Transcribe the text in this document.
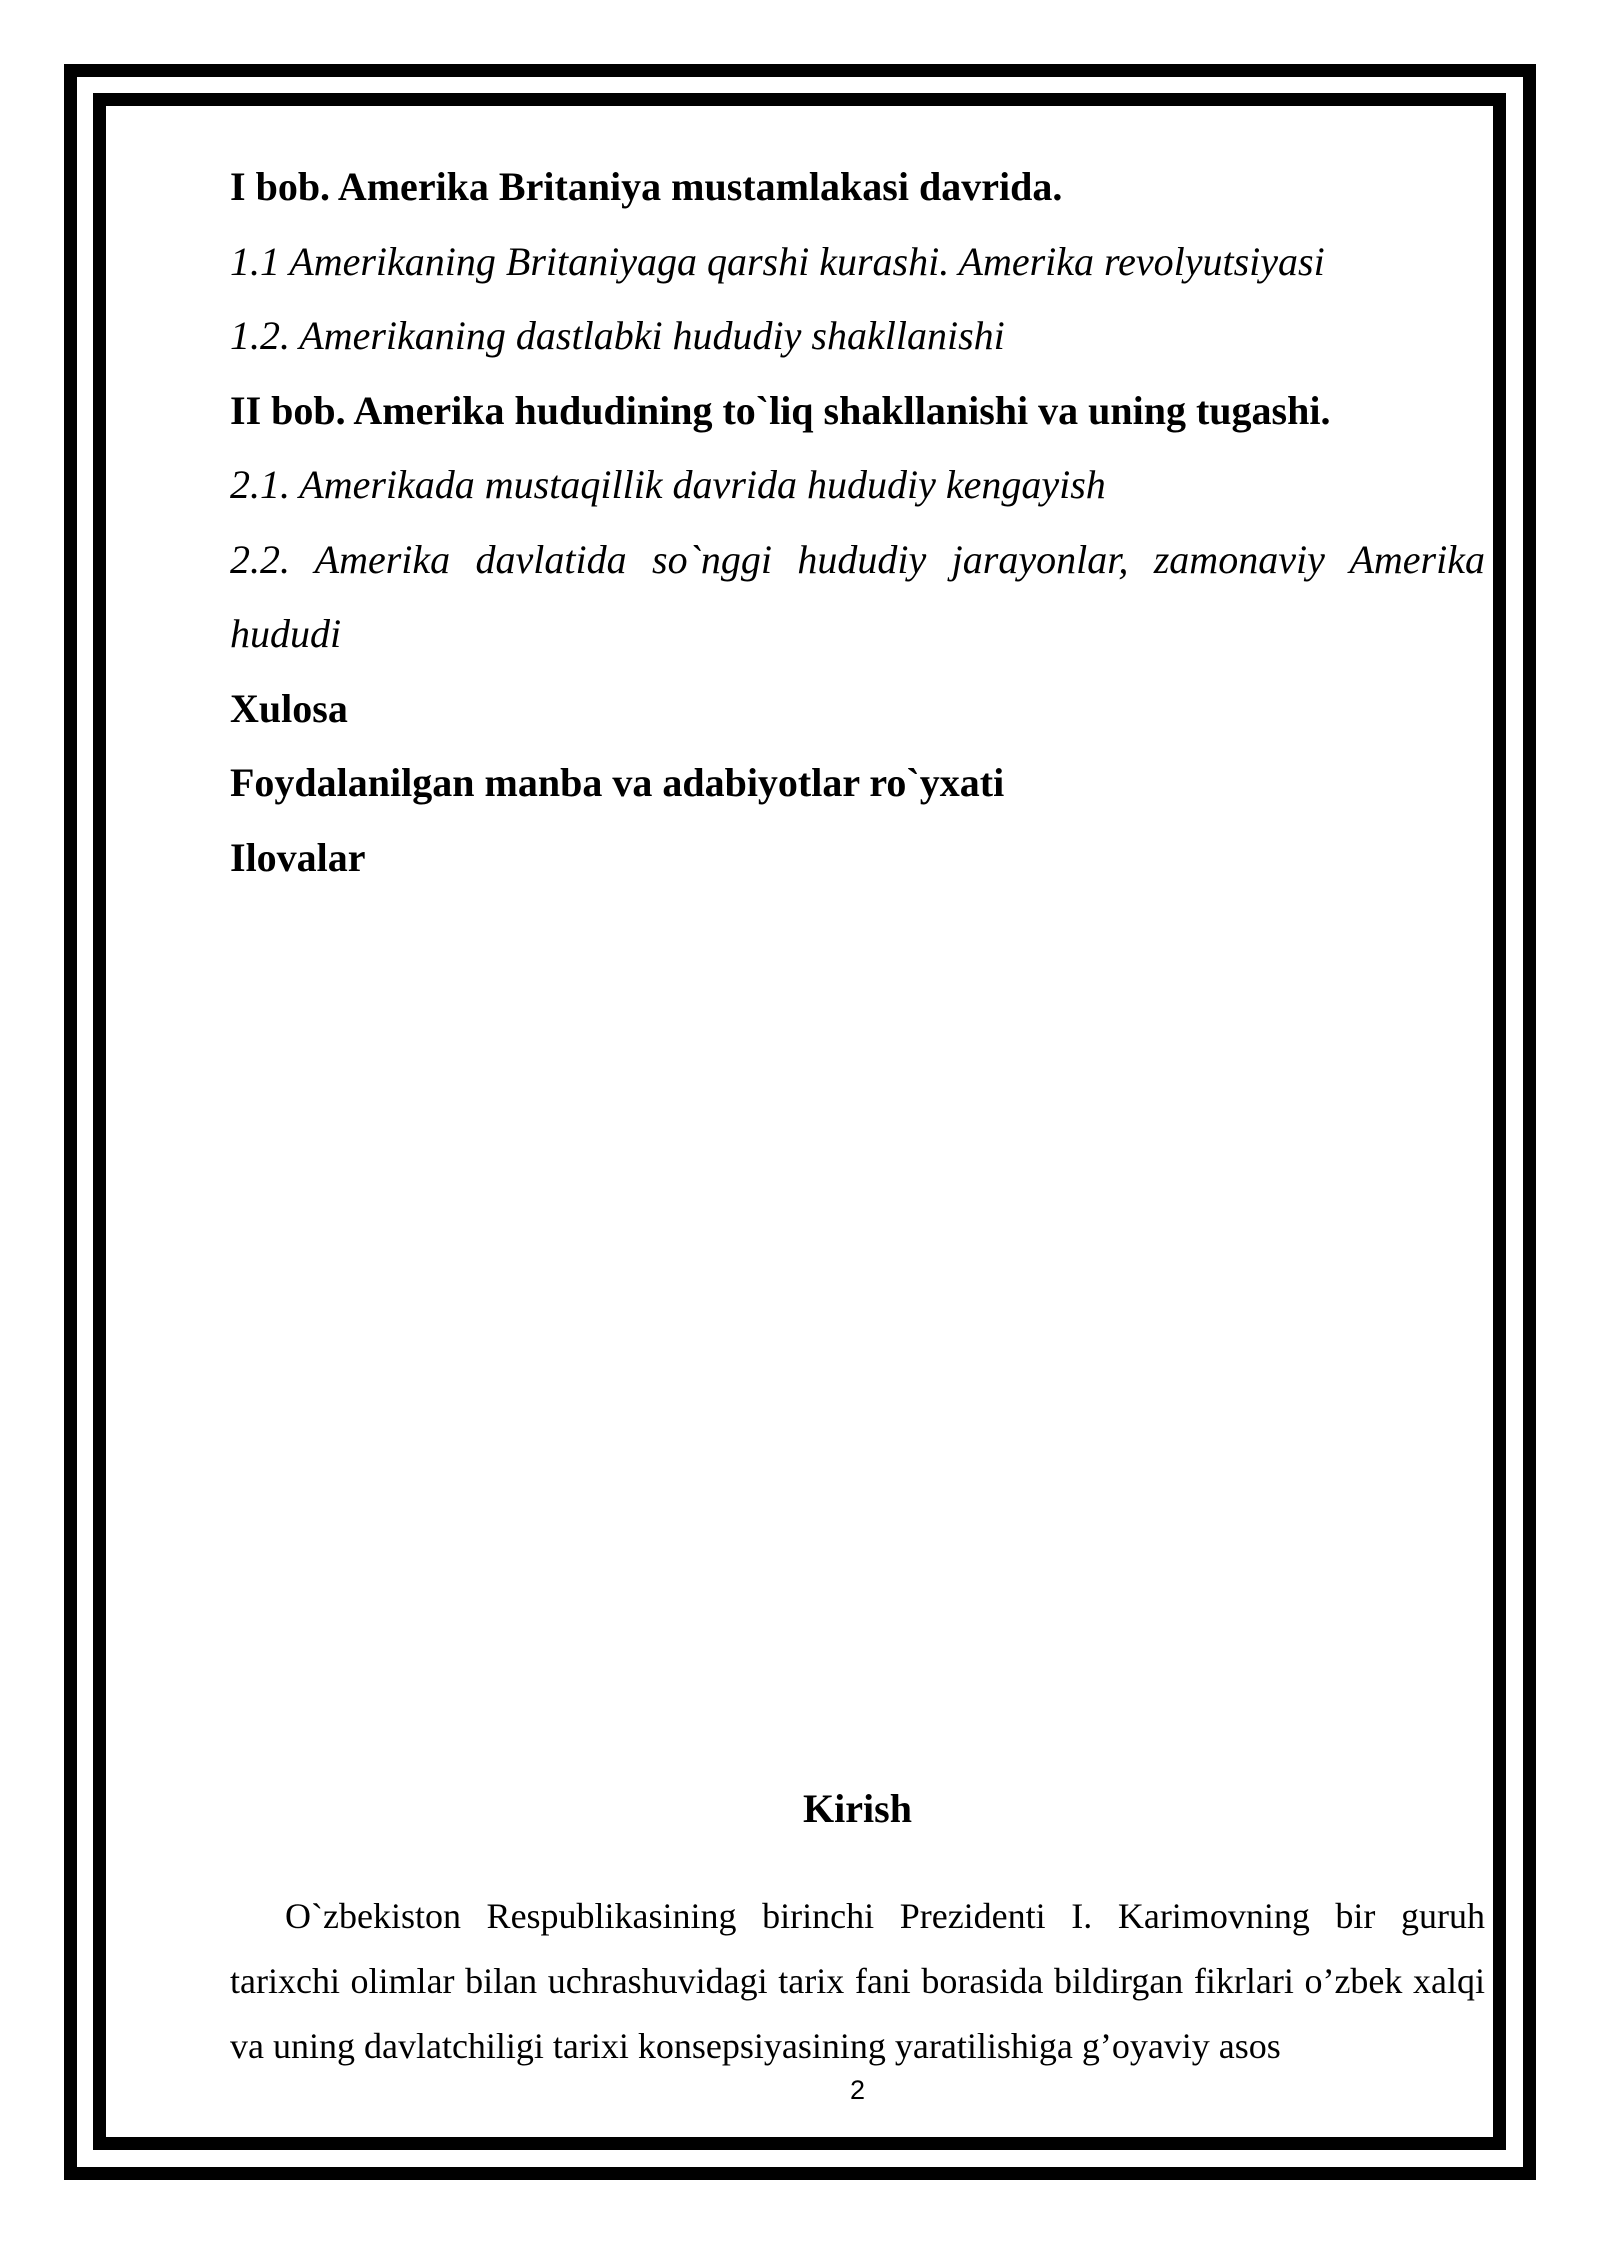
I bob. Amerika Britaniya mustamlakasi davrida.
1.1 Amerikaning Britaniyaga qarshi kurashi. Amerika revolyutsiyasi
1.2. Amerikaning dastlabki hududiy shakllanishi
II bob. Amerika hududining to`liq shakllanishi va uning tugashi.
2.1. Amerikada mustaqillik davrida hududiy kengayish
2.2. Amerika davlatida so`nggi hududiy jarayonlar, zamonaviy Amerika hududi
Xulosa
Foydalanilgan manba va adabiyotlar ro`yxati
Ilovalar
Kirish

O`zbekiston Respublikasining birinchi Prezidenti I. Karimovning bir guruh tarixchi olimlar bilan uchrashuvidagi tarix fani borasida bildirgan fikrlari o’zbek xalqi va uning davlatchiligi tarixi konsepsiyasining yaratilishiga g’oyaviy asos

2
